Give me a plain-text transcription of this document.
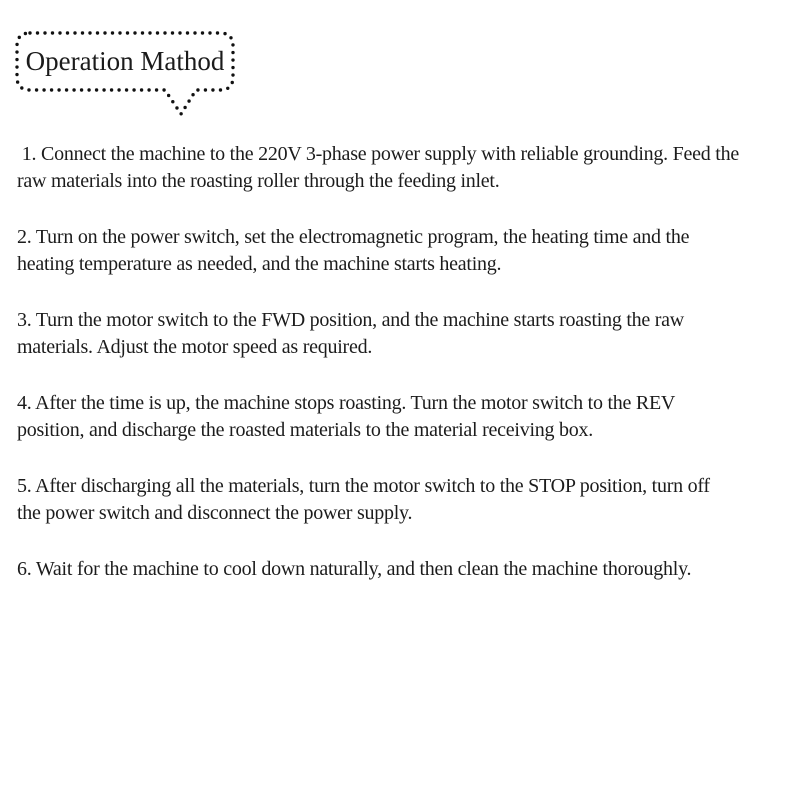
Operation Mathod

1. Connect the machine to the 220V 3-phase power supply with reliable grounding. Feed the
raw materials into the roasting roller through the feeding inlet.

2. Turn on the power switch, set the electromagnetic program, the heating time and the
heating temperature as needed, and the machine starts heating.

3. Turn the motor switch to the FWD position, and the machine starts roasting the raw
materials. Adjust the motor speed as required.

4. After the time is up, the machine stops roasting. Turn the motor switch to the REV
position, and discharge the roasted materials to the material receiving box.

5. After discharging all the materials, turn the motor switch to the STOP position, turn off
the power switch and disconnect the power supply.

6. Wait for the machine to cool down naturally, and then clean the machine thoroughly.
